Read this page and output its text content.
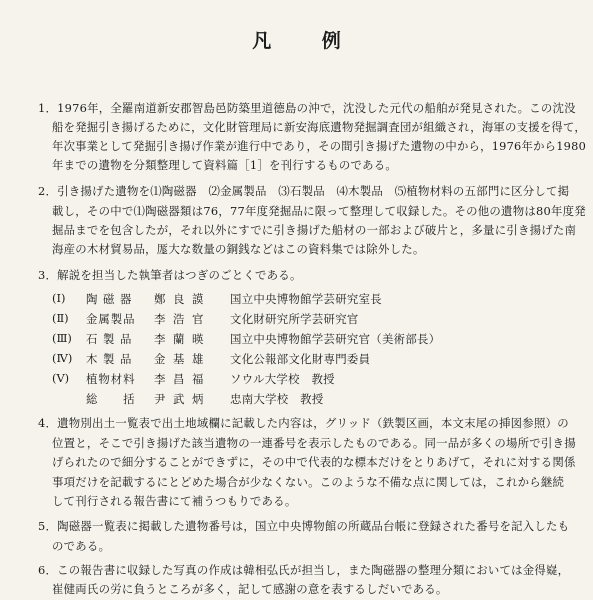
凡 例
1．1976年，全羅南道新安郡智島邑防築里道德島の沖で，沈没した元代の船舶が発見された。この沈没
船を発掘引き揚げるために，文化財管理局に新安海底遺物発掘調査団が組織され，海軍の支援を得て，
年次事業として発掘引き揚げ作業が進行中であり，その間引き揚げた遺物の中から，1976年から1980
年までの遺物を分類整理して資料篇［1］を刊行するものである。
2．引き揚げた遺物を⑴陶磁器　⑵金属製品　⑶石製品　⑷木製品　⑸植物材料の五部門に区分して掲
載し，その中で⑴陶磁器類は76，77年度発掘品に限って整理して収録した。その他の遺物は80年度発
掘品までを包含したが，それ以外にすでに引き揚げた船材の一部および破片と，多量に引き揚げた南
海産の木材貿易品，厖大な数量の銅銭などはこの資料集では除外した。
3．解説を担当した執筆者はつぎのごとくである。
(Ⅰ) 陶 磁 器 鄭 良 謨 国立中央博物館学芸研究室長
(Ⅱ) 金属製品 李 浩 官 文化財研究所学芸研究官
(Ⅲ) 石 製 品 李 蘭 暎 国立中央博物館学芸研究官（美術部長）
(Ⅳ) 木 製 品 金 基 雄 文化公報部文化財専門委員
(Ⅴ) 植物材料 李 昌 福 ソウル大学校　教授
総　　括 尹 武 炳 忠南大学校　教授
4．遺物別出土一覧表で出土地域欄に記載した内容は，グリッド（鉄製区画，本文末尾の挿図参照）の
位置と，そこで引き揚げた該当遺物の一連番号を表示したものである。同一品が多くの場所で引き揚
げられたので細分することができずに，その中で代表的な標本だけをとりあげて，それに対する関係
事項だけを記載するにとどめた場合が少なくない。このような不備な点に関しては，これから継続
して刊行される報告書にて補うつもりである。
5．陶磁器一覧表に掲載した遺物番号は，国立中央博物館の所蔵品台帳に登録された番号を記入したも
のである。
6．この報告書に収録した写真の作成は韓相弘氏が担当し，また陶磁器の整理分類においては金得嶷，
崔健両氏の労に負うところが多く，記して感謝の意を表するしだいである。
